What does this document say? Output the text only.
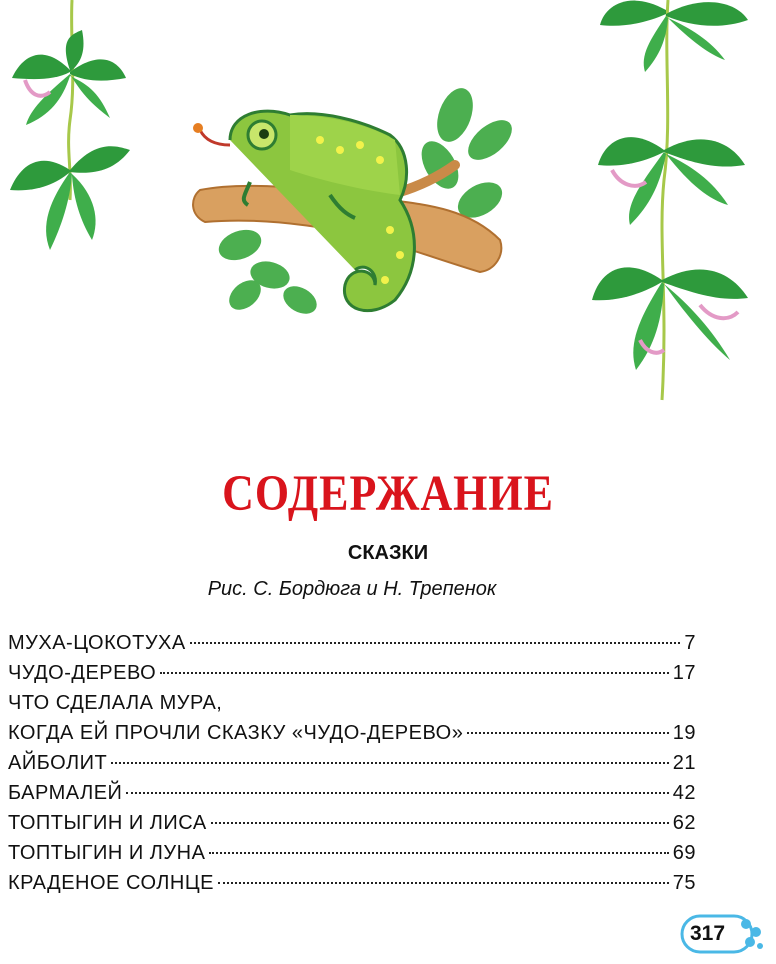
СОДЕРЖАНИЕ
СКАЗКИ
Рис. С. Бордюга и Н. Трепенок
МУХА-ЦОКОТУХА	7
ЧУДО-ДЕРЕВО	17
ЧТО СДЕЛАЛА МУРА,
КОГДА ЕЙ ПРОЧЛИ СКАЗКУ «ЧУДО-ДЕРЕВО»	19
АЙБОЛИТ	21
БАРМАЛЕЙ	42
ТОПТЫГИН И ЛИСА	62
ТОПТЫГИН И ЛУНА	69
КРАДЕНОЕ СОЛНЦЕ	75
317
